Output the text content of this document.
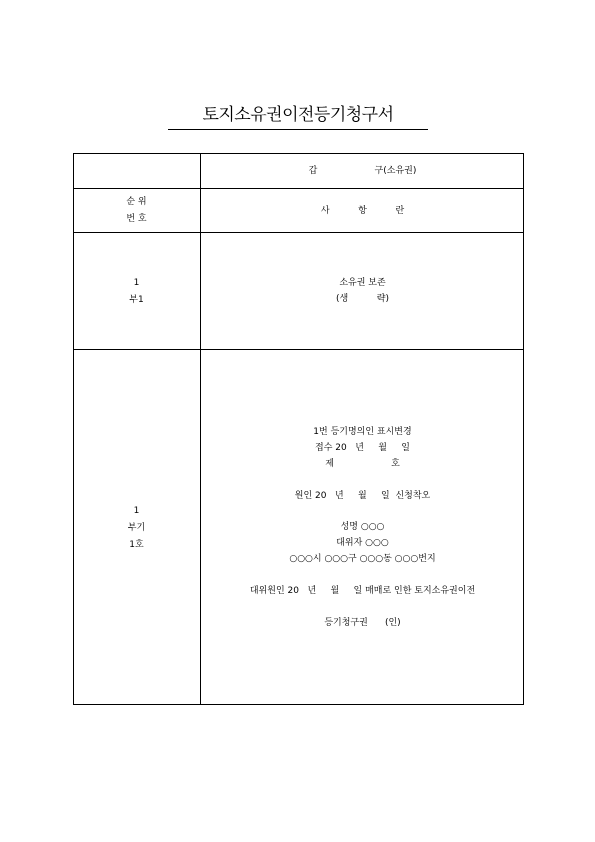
토지소유권이전등기청구서
갑                    구(소유권)
순 위
번 호
사          항          란
1
부1
소유권 보존
(생          략)
1
부기
1호
1번 등기명의인 표시변경
접수 20   년     월     일
제                    호
원인 20   년     월     일  신청착오
성명 ○○○
대위자 ○○○
○○○시 ○○○구 ○○○동 ○○○번지
대위원인 20   년     월     일 매매로 인한 토지소유권이전
등기청구권      (인)
